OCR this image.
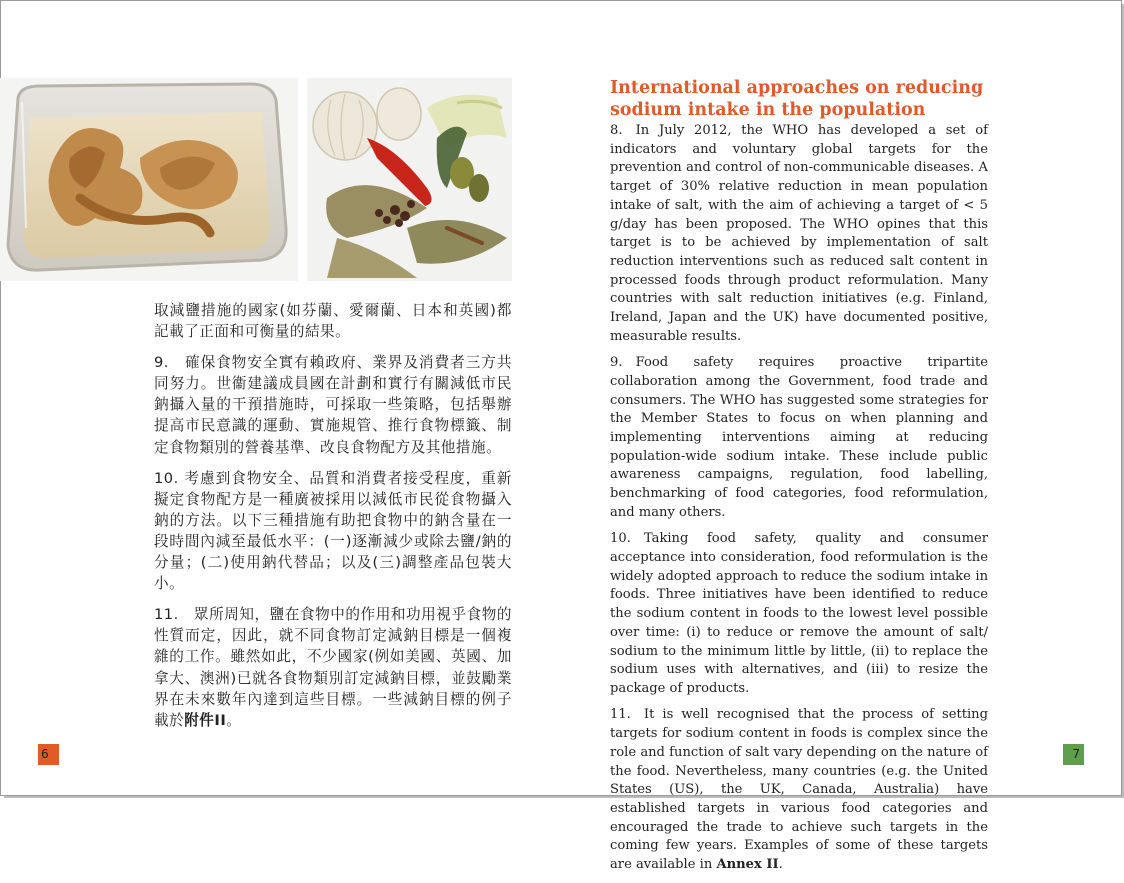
取減鹽措施的國家(如芬蘭、愛爾蘭、日本和英國)都記載了正面和可衡量的結果。

9.　確保食物安全實有賴政府、業界及消費者三方共同努力。世衞建議成員國在計劃和實行有關減低市民鈉攝入量的干預措施時，可採取一些策略，包括舉辦提高市民意識的運動、實施規管、推行食物標籤、制定食物類別的營養基準、改良食物配方及其他措施。

10. 考慮到食物安全、品質和消費者接受程度，重新擬定食物配方是一種廣被採用以減低市民從食物攝入鈉的方法。以下三種措施有助把食物中的鈉含量在一段時間內減至最低水平：(一)逐漸減少或除去鹽/鈉的分量；(二)使用鈉代替品；以及(三)調整產品包裝大小。

11.　眾所周知，鹽在食物中的作用和功用視乎食物的性質而定，因此，就不同食物訂定減鈉目標是一個複雜的工作。雖然如此，不少國家(例如美國、英國、加拿大、澳洲)已就各食物類別訂定減鈉目標，並鼓勵業界在未來數年內達到這些目標。一些減鈉目標的例子載於附件II。

International approaches on reducing sodium intake in the population

8. In July 2012, the WHO has developed a set of indicators and voluntary global targets for the prevention and control of non-communicable diseases. A target of 30% relative reduction in mean population intake of salt, with the aim of achieving a target of < 5 g/day has been proposed. The WHO opines that this target is to be achieved by implementation of salt reduction interventions such as reduced salt content in processed foods through product reformulation. Many countries with salt reduction initiatives (e.g. Finland, Ireland, Japan and the UK) have documented positive, measurable results.

9. Food safety requires proactive tripartite collaboration among the Government, food trade and consumers. The WHO has suggested some strategies for the Member States to focus on when planning and implementing interventions aiming at reducing population-wide sodium intake. These include public awareness campaigns, regulation, food labelling, benchmarking of food categories, food reformulation, and many others.

10. Taking food safety, quality and consumer acceptance into consideration, food reformulation is the widely adopted approach to reduce the sodium intake in foods. Three initiatives have been identified to reduce the sodium content in foods to the lowest level possible over time: (i) to reduce or remove the amount of salt/ sodium to the minimum little by little, (ii) to replace the sodium uses with alternatives, and (iii) to resize the package of products.

11. It is well recognised that the process of setting targets for sodium content in foods is complex since the role and function of salt vary depending on the nature of the food. Nevertheless, many countries (e.g. the United States (US), the UK, Canada, Australia) have established targets in various food categories and encouraged the trade to achieve such targets in the coming few years. Examples of some of these targets are available in Annex II.

6	7
